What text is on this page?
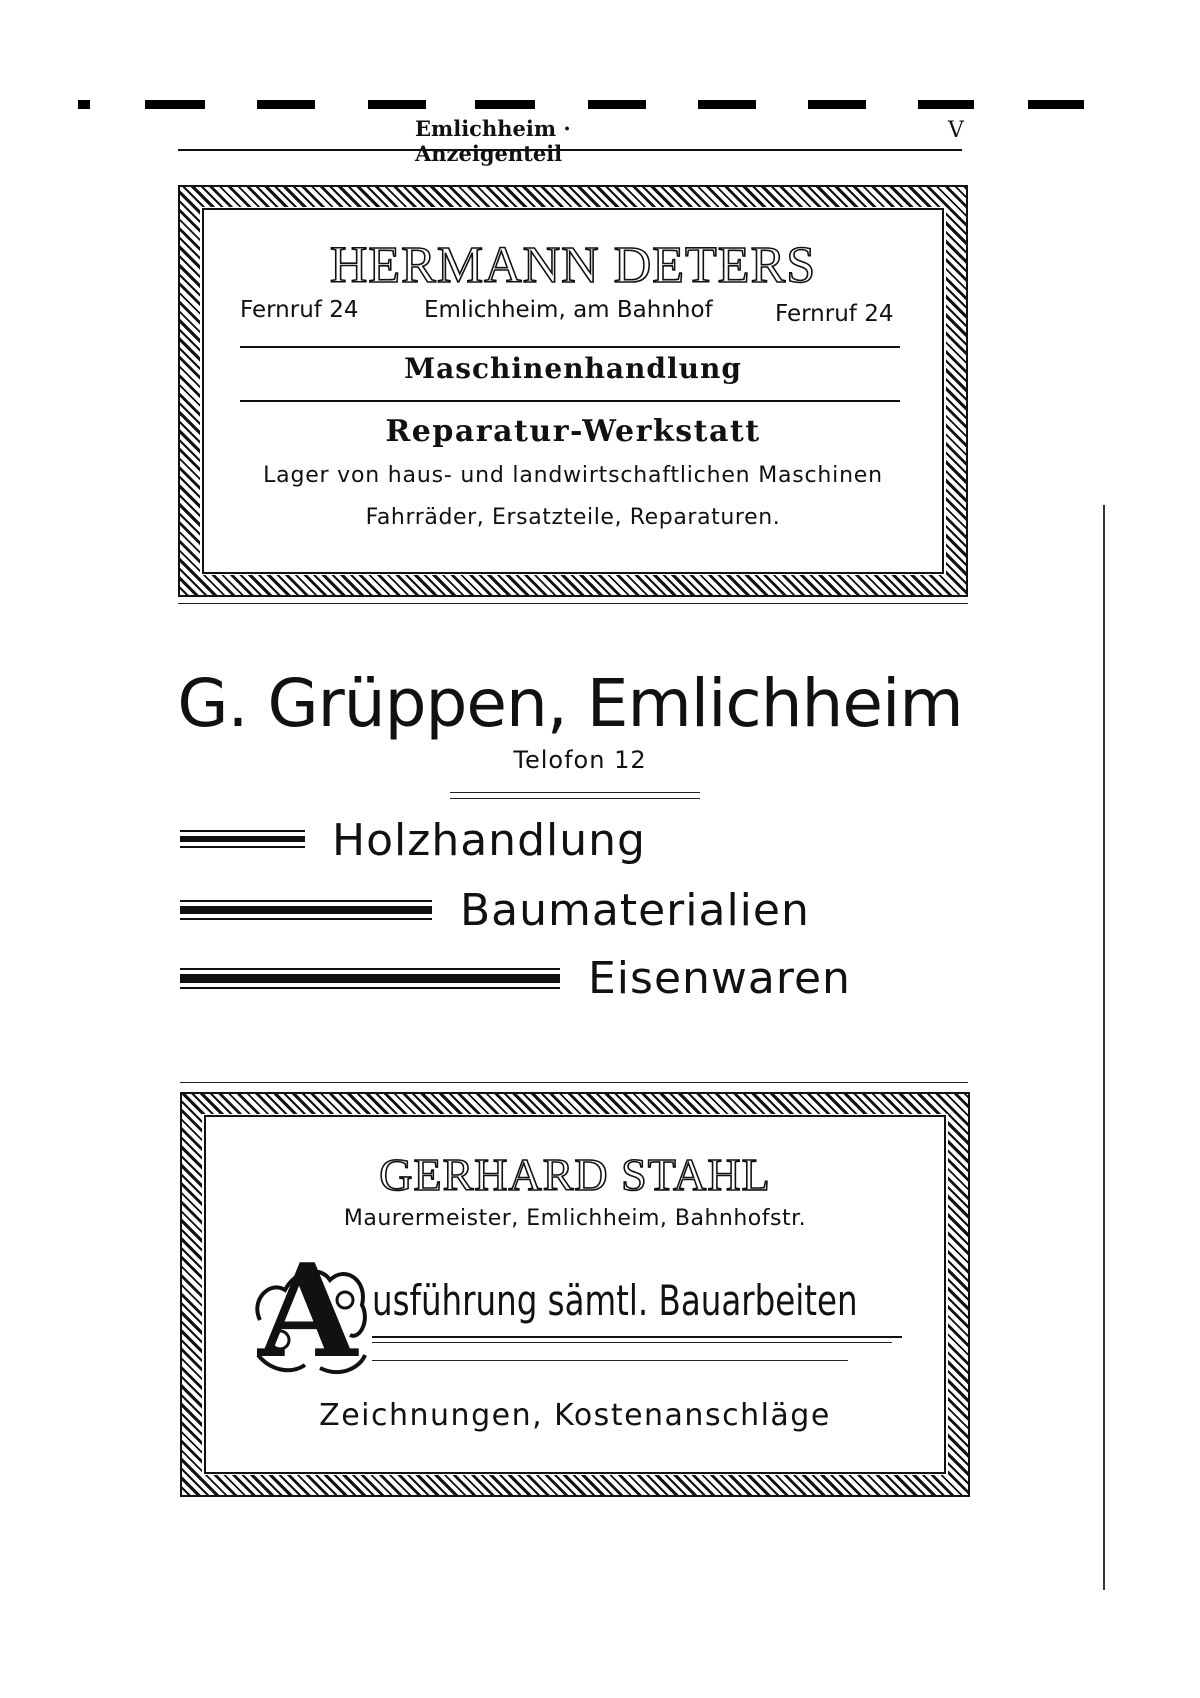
Emlichheim · Anzeigenteil
V
HERMANN DETERS
Fernruf 24	Emlichheim, am Bahnhof	Fernruf 24
Maschinenhandlung
Reparatur-Werkstatt
Lager von haus- und landwirtschaftlichen Maschinen
Fahrräder, Ersatzteile, Reparaturen.
G. Grüppen, Emlichheim
Telofon 12
Holzhandlung
Baumaterialien
Eisenwaren
GERHARD STAHL
Maurermeister, Emlichheim, Bahnhofstr.
A usführung sämtl. Bauarbeiten
Zeichnungen, Kostenanschläge
